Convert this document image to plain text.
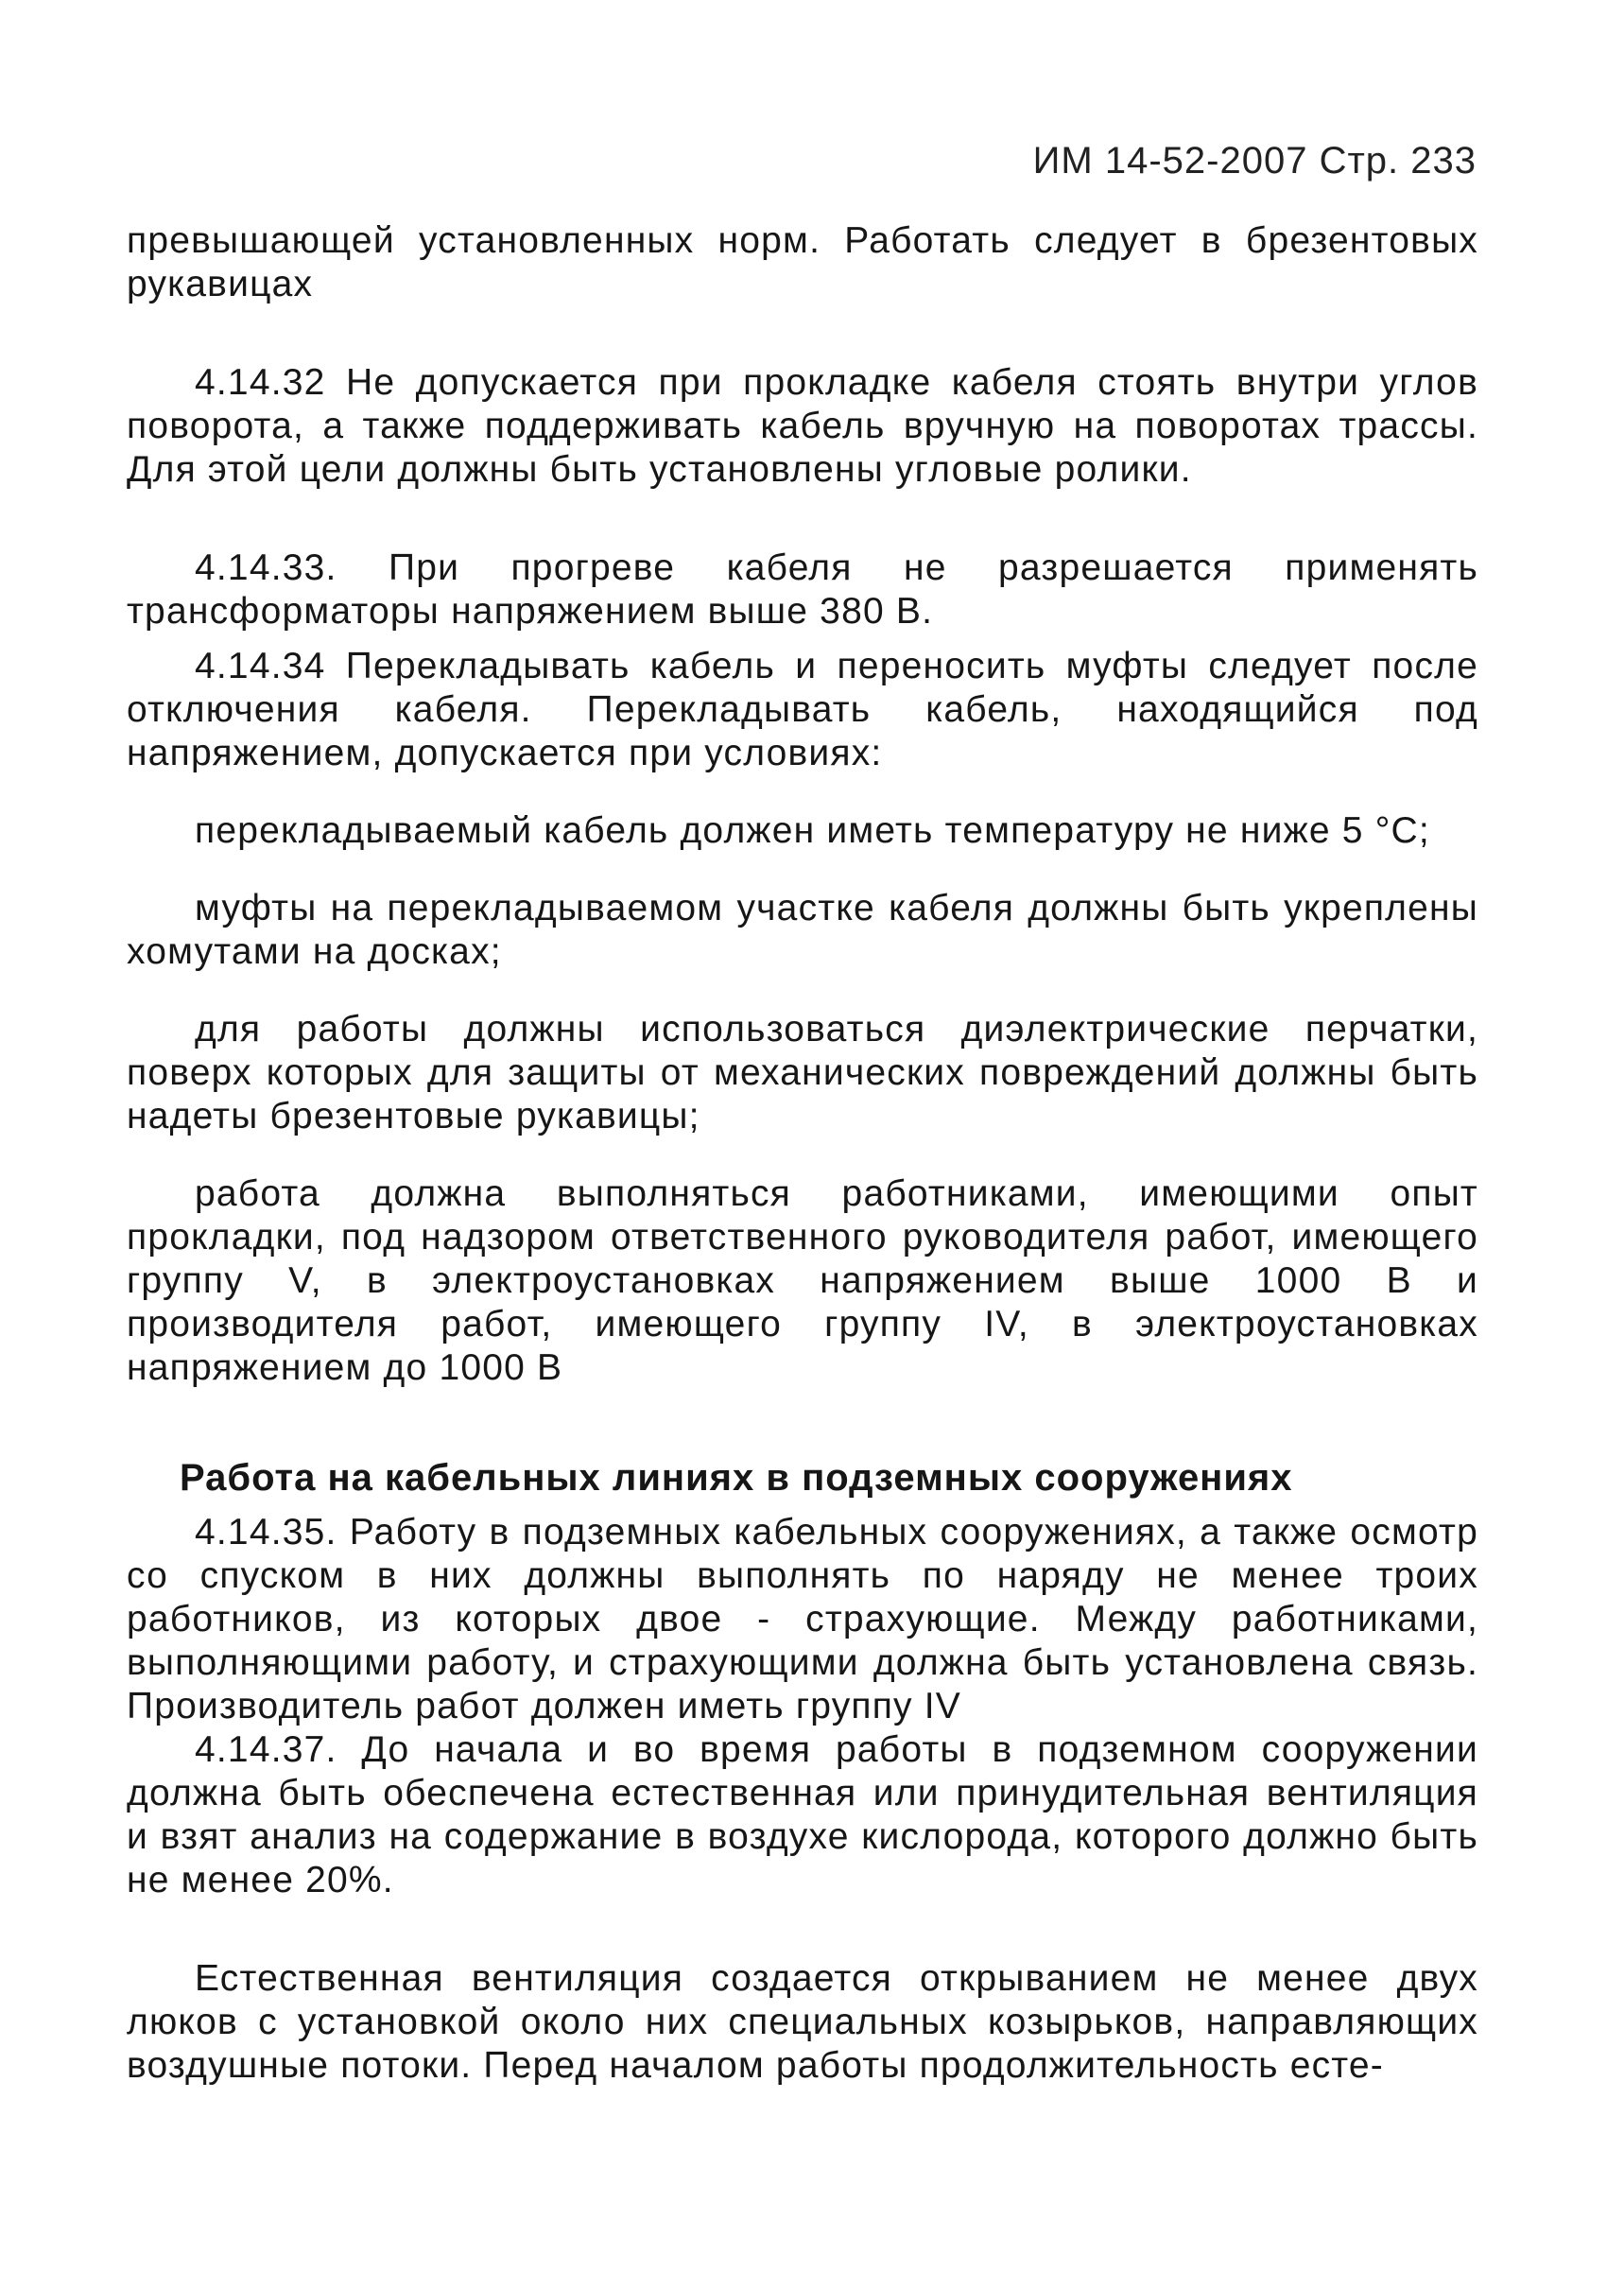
ИМ 14-52-2007 Стр. 233

превышающей установленных норм. Работать следует в брезентовых рукавицах

4.14.32 Не допускается при прокладке кабеля стоять внутри углов поворота, а также поддерживать кабель вручную на поворотах трассы. Для этой цели должны быть установлены угловые ролики.

4.14.33. При прогреве кабеля не разрешается применять трансформаторы напряжением выше 380 В.

4.14.34 Перекладывать кабель и переносить муфты следует после отключения кабеля. Перекладывать кабель, находящийся под напряжением, допускается при условиях:

перекладываемый кабель должен иметь температуру не ниже 5 °С;

муфты на перекладываемом участке кабеля должны быть укреплены хомутами на досках;

для работы должны использоваться диэлектрические перчатки, поверх которых для защиты от механических повреждений должны быть надеты брезентовые рукавицы;

работа должна выполняться работниками, имеющими опыт прокладки, под надзором ответственного руководителя работ, имеющего группу V, в электроустановках напряжением выше 1000 В и производителя работ, имеющего группу IV, в электроустановках напряжением до 1000 В

Работа на кабельных линиях в подземных сооружениях

4.14.35. Работу в подземных кабельных сооружениях, а также осмотр со спуском в них должны выполнять по наряду не менее троих работников, из которых двое - страхующие. Между работниками, выполняющими работу, и страхующими должна быть установлена связь. Производитель работ должен иметь группу IV

4.14.37. До начала и во время работы в подземном сооружении должна быть обеспечена естественная или принудительная вентиляция и взят анализ на содержание в воздухе кислорода, которого должно быть не менее 20%.

Естественная вентиляция создается открыванием не менее двух люков с установкой около них специальных козырьков, направляющих воздушные потоки. Перед началом работы продолжительность есте-
